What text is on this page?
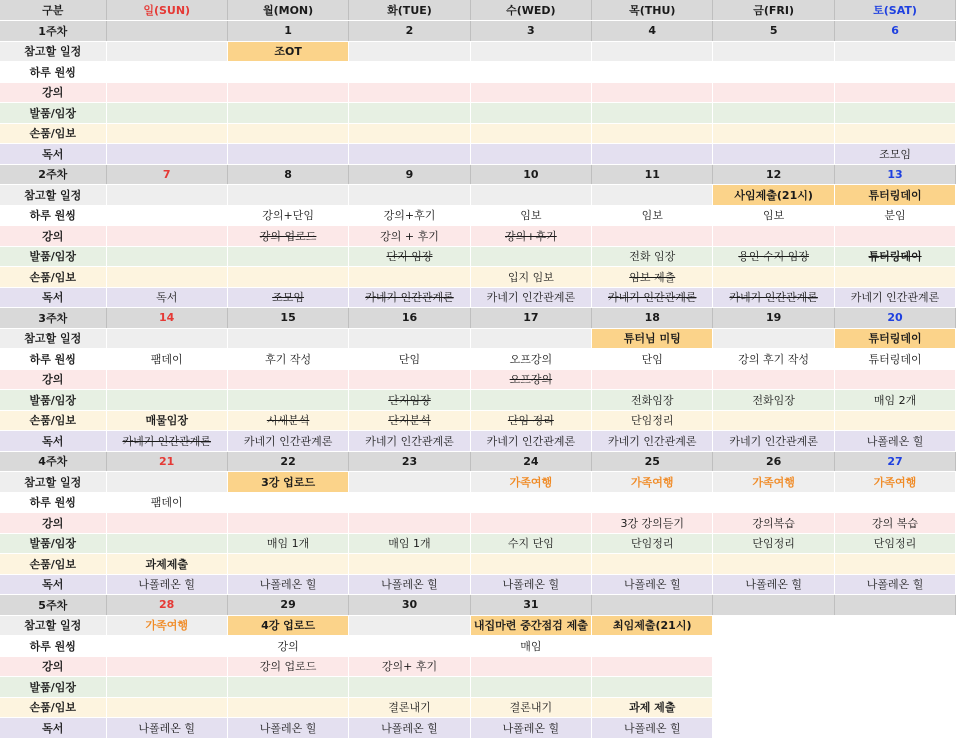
구분	일(SUN)	월(MON)	화(TUE)	수(WED)	목(THU)	금(FRI)	토(SAT)
1주차		1	2	3	4	5	6
참고할 일정		조OT					
하루 원씽							
강의							
발품/임장							
손품/임보							
독서							조모임
2주차	7	8	9	10	11	12	13
참고할 일정						사임제출(21시)	튜터링데이
하루 원씽		강의+단임	강의+후기	임보	임보	임보	분임
강의		강의 업로드	강의 + 후기	강의+후기			
발품/임장			단지 임장		전화 임장	용인 수지 임장	튜터링데이
손품/임보				입지 임보	임보 제출		
독서	독서	조모임	카네기 인간관계론	카네기 인간관계론	카네기 인간관계론	카네기 인간관계론	카네기 인간관계론
3주차	14	15	16	17	18	19	20
참고할 일정					튜터님 미팅		튜터링데이
하루 원씽	팸데이	후기 작성	단임	오프강의	단임	강의 후기 작성	튜터링데이
강의				오프강의			
발품/임장			단지임장		전화임장	전화임장	매임 2개
손품/임보	매물임장	시세분석	단지분석	단임 정리	단임정리		
독서	카네기 인간관계론	카네기 인간관계론	카네기 인간관계론	카네기 인간관계론	카네기 인간관계론	카네기 인간관계론	나폴레온 힐
4주차	21	22	23	24	25	26	27
참고할 일정		3강 업로드		가족여행	가족여행	가족여행	가족여행
하루 원씽	팸데이						
강의					3강 강의듣기	강의복습	강의 복습
발품/임장		매임 1개	매임 1개	수지 단임	단임정리	단임정리	단임정리
손품/임보	과제제출						
독서	나폴레온 힐	나폴레온 힐	나폴레온 힐	나폴레온 힐	나폴레온 힐	나폴레온 힐	나폴레온 힐
5주차	28	29	30	31			
참고할 일정	가족여행	4강 업로드		내집마련 중간점검 제출	최임제출(21시)		
하루 원씽		강의		매임			
강의		강의 업로드	강의+ 후기				
발품/임장							
손품/임보			결론내기	결론내기	과제 제출		
독서	나폴레온 힐	나폴레온 힐	나폴레온 힐	나폴레온 힐	나폴레온 힐		
